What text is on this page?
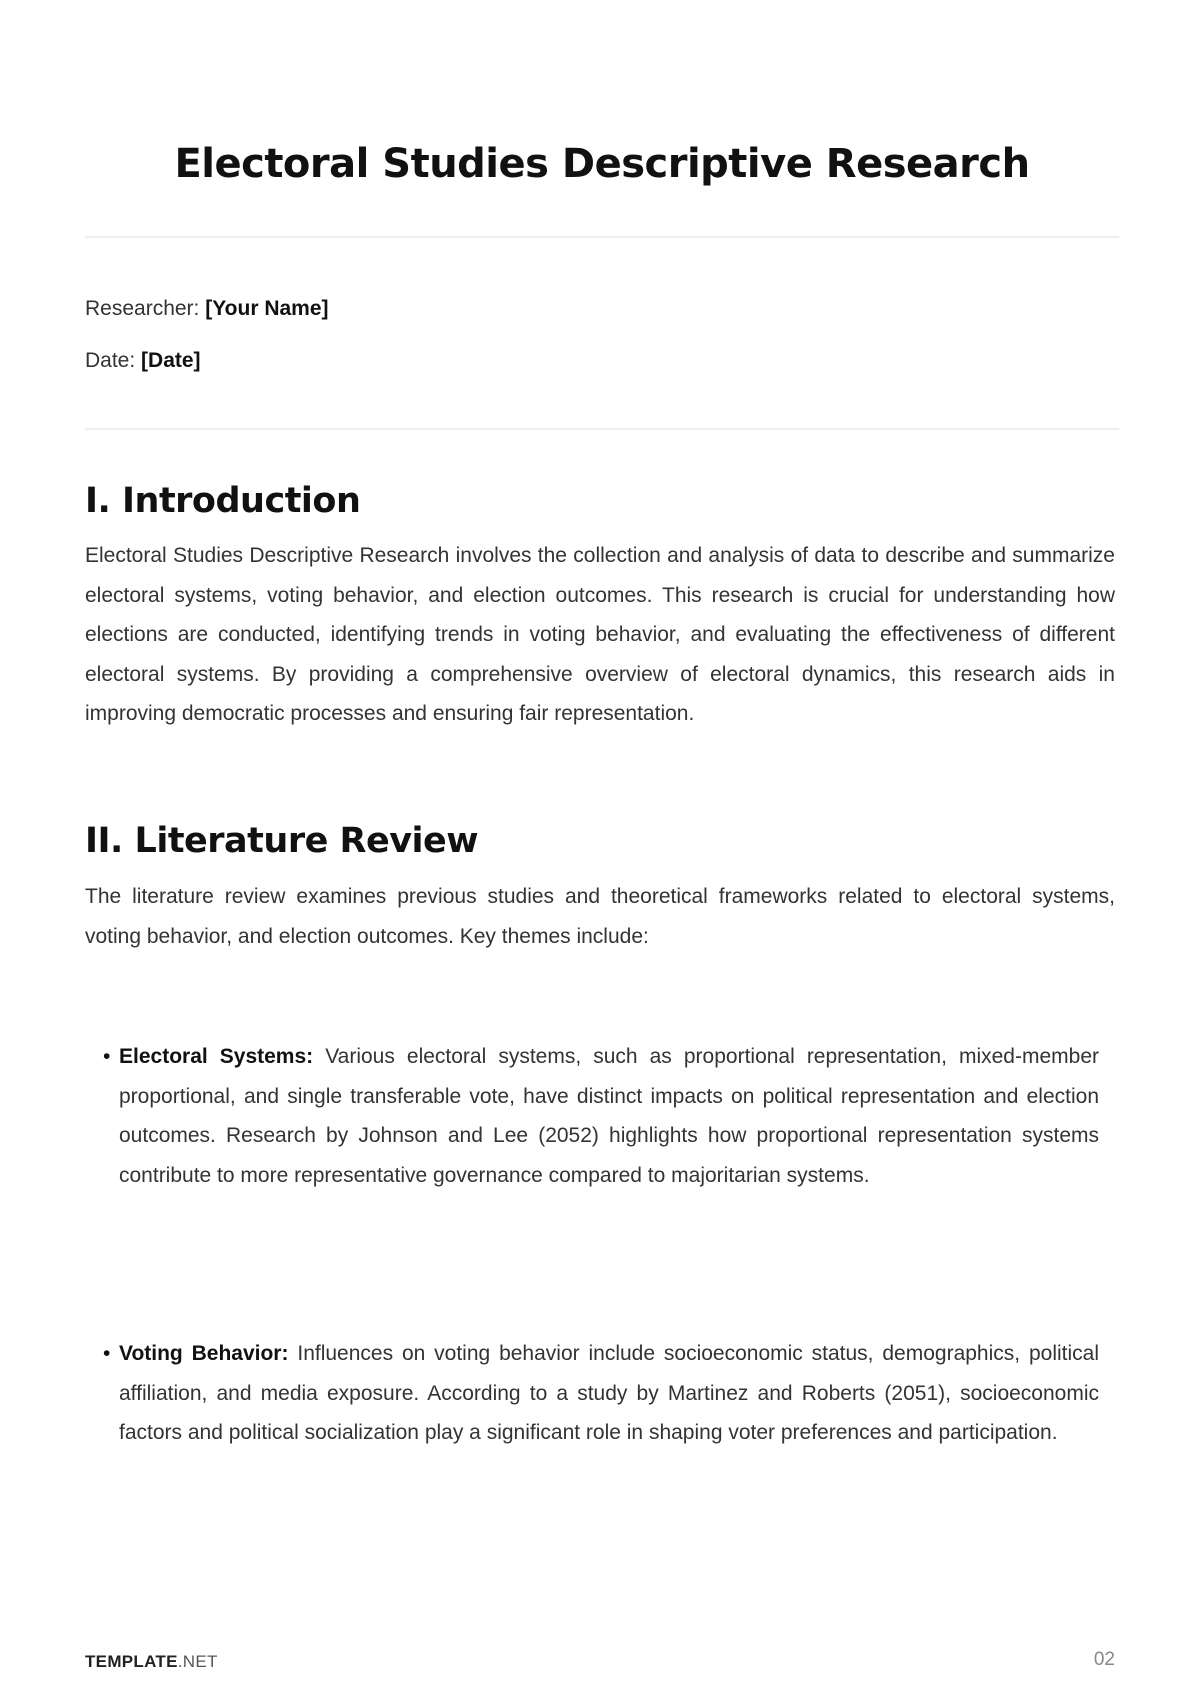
Electoral Studies Descriptive Research
Researcher: [Your Name]
Date: [Date]
I. Introduction

Electoral Studies Descriptive Research involves the collection and analysis of data to describe and summarize electoral systems, voting behavior, and election outcomes. This research is crucial for understanding how elections are conducted, identifying trends in voting behavior, and evaluating the effectiveness of different electoral systems. By providing a comprehensive overview of electoral dynamics, this research aids in improving democratic processes and ensuring fair representation.

II. Literature Review

The literature review examines previous studies and theoretical frameworks related to electoral systems, voting behavior, and election outcomes. Key themes include:

• Electoral Systems: Various electoral systems, such as proportional representation, mixed-member proportional, and single transferable vote, have distinct impacts on political representation and election outcomes. Research by Johnson and Lee (2052) highlights how proportional representation systems contribute to more representative governance compared to majoritarian systems.

• Voting Behavior: Influences on voting behavior include socioeconomic status, demographics, political affiliation, and media exposure. According to a study by Martinez and Roberts (2051), socioeconomic factors and political socialization play a significant role in shaping voter preferences and participation.

TEMPLATE.NET	02
